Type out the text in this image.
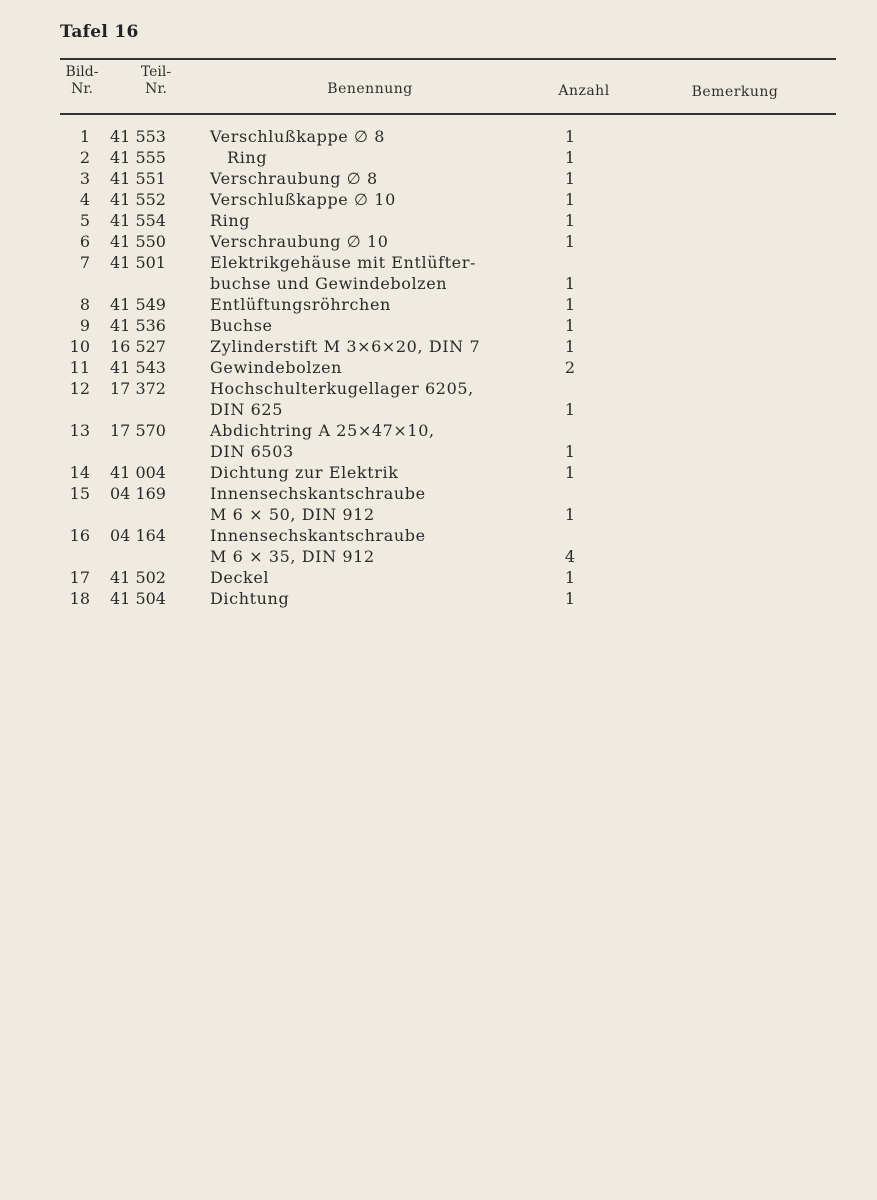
Tafel 16
Bild-
Nr.
Teil-
Nr.	Benennung	Anzahl	Bemerkung
1 41 553	Verschlußkappe ∅ 8	1
2 41 555	Ring	1
3 41 551	Verschraubung ∅ 8	1
4 41 552	Verschlußkappe ∅ 10	1
5 41 554	Ring	1
6 41 550	Verschraubung ∅ 10	1
7 41 501	Elektrikgehäuse mit Entlüfter-
buchse und Gewindebolzen	1
8 41 549	Entlüftungsröhrchen	1
9 41 536	Buchse	1
10 16 527	Zylinderstift M 3×6×20, DIN 7	1
11 41 543	Gewindebolzen	2
12 17 372	Hochschulterkugellager 6205,
DIN 625	1
13 17 570	Abdichtring A 25×47×10,
DIN 6503	1
14 41 004	Dichtung zur Elektrik	1
15 04 169	Innensechskantschraube
M 6 × 50, DIN 912	1
16 04 164	Innensechskantschraube
M 6 × 35, DIN 912	4
17 41 502	Deckel	1
18 41 504	Dichtung	1
